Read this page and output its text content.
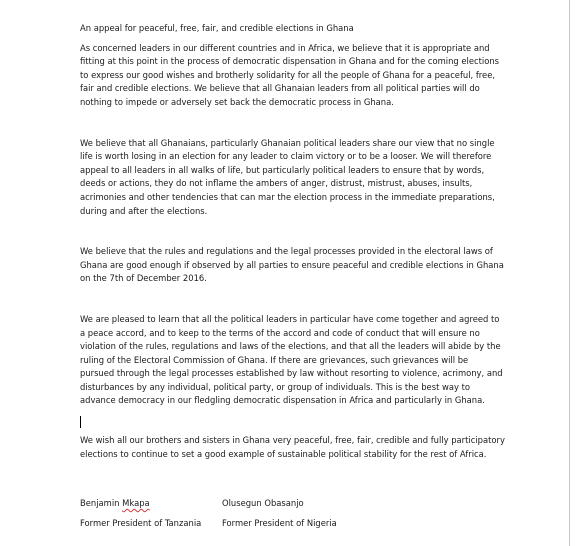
An appeal for peaceful, free, fair, and credible elections in Ghana

As concerned leaders in our different countries and in Africa, we believe that it is appropriate and fitting at this point in the process of democratic dispensation in Ghana and for the coming elections to express our good wishes and brotherly solidarity for all the people of Ghana for a peaceful, free, fair and credible elections. We believe that all Ghanaian leaders from all political parties will do nothing to impede or adversely set back the democratic process in Ghana.

We believe that all Ghanaians, particularly Ghanaian political leaders share our view that no single life is worth losing in an election for any leader to claim victory or to be a looser. We will therefore appeal to all leaders in all walks of life, but particularly political leaders to ensure that by words, deeds or actions, they do not inflame the ambers of anger, distrust, mistrust, abuses, insults, acrimonies and other tendencies that can mar the election process in the immediate preparations, during and after the elections.

We believe that the rules and regulations and the legal processes provided in the electoral laws of Ghana are good enough if observed by all parties to ensure peaceful and credible elections in Ghana on the 7th of December 2016.

We are pleased to learn that all the political leaders in particular have come together and agreed to a peace accord, and to keep to the terms of the accord and code of conduct that will ensure no violation of the rules, regulations and laws of the elections, and that all the leaders will abide by the ruling of the Electoral Commission of Ghana. If there are grievances, such grievances will be pursued through the legal processes established by law without resorting to violence, acrimony, and disturbances by any individual, political party, or group of individuals. This is the best way to advance democracy in our fledgling democratic dispensation in Africa and particularly in Ghana.

We wish all our brothers and sisters in Ghana very peaceful, free, fair, credible and fully participatory elections to continue to set a good example of sustainable political stability for the rest of Africa.

Benjamin Mkapa	Olusegun Obasanjo
Former President of Tanzania Former President of Nigeria
